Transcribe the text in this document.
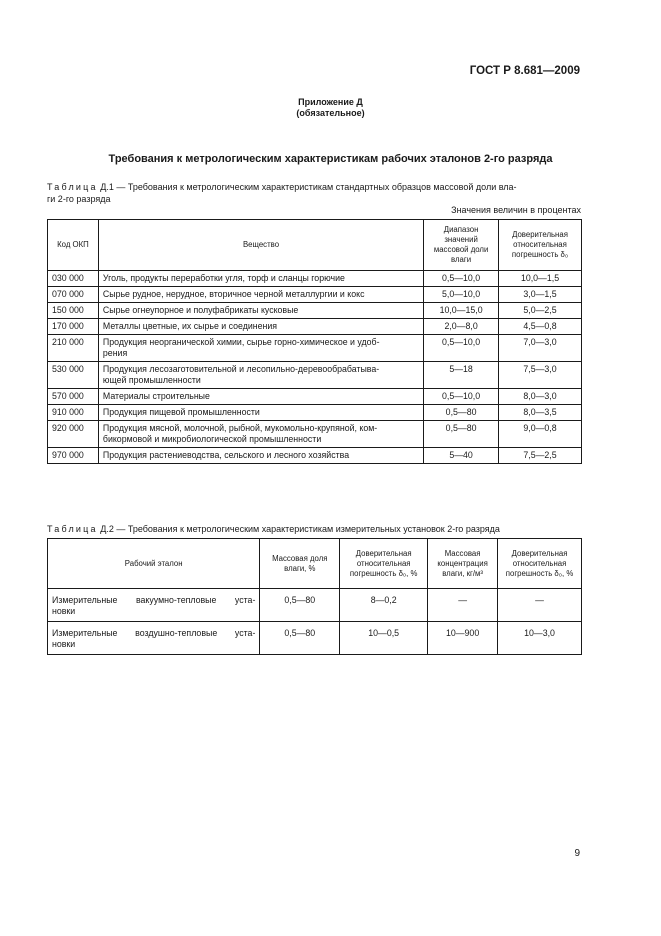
ГОСТ Р 8.681—2009
Приложение Д
(обязательное)
Требования к метрологическим характеристикам рабочих эталонов 2-го разряда
Таблица Д.1 — Требования к метрологическим характеристикам стандартных образцов массовой доли вла-
ги 2-го разряда
Значения величин в процентах
Код ОКП	Вещество	Диапазон значений массовой доли влаги	Доверительная относительная погрешность δ₀
030 000	Уголь, продукты переработки угля, торф и сланцы горючие	0,5—10,0	10,0—1,5
070 000	Сырье рудное, нерудное, вторичное черной металлургии и кокс	5,0—10,0	3,0—1,5
150 000	Сырье огнеупорное и полуфабрикаты кусковые	10,0—15,0	5,0—2,5
170 000	Металлы цветные, их сырье и соединения	2,0—8,0	4,5—0,8
210 000	Продукция неорганической химии, сырье горно-химическое и удоб-
рения	0,5—10,0	7,0—3,0
530 000	Продукция лесозаготовительной и лесопильно-деревообрабатыва-
ющей промышленности	5—18	7,5—3,0
570 000	Материалы строительные	0,5—10,0	8,0—3,0
910 000	Продукция пищевой промышленности	0,5—80	8,0—3,5
920 000	Продукция мясной, молочной, рыбной, мукомольно-крупяной, ком-
бикормовой и микробиологической промышленности	0,5—80	9,0—0,8
970 000	Продукция растениеводства, сельского и лесного хозяйства	5—40	7,5—2,5
Таблица Д.2 — Требования к метрологическим характеристикам измерительных установок 2-го разряда
Рабочий эталон	Массовая доля влаги, %	Доверительная относительная погрешность δ₀, %	Массовая концентрация влаги, кг/м³	Доверительная относительная погрешность δ₀, %

Измерительные вакуумно-тепловые уста-
новки	0,5—80	8—0,2	—	—

Измерительные воздушно-тепловые уста-
новки	0,5—80	10—0,5	10—900	10—3,0
9
